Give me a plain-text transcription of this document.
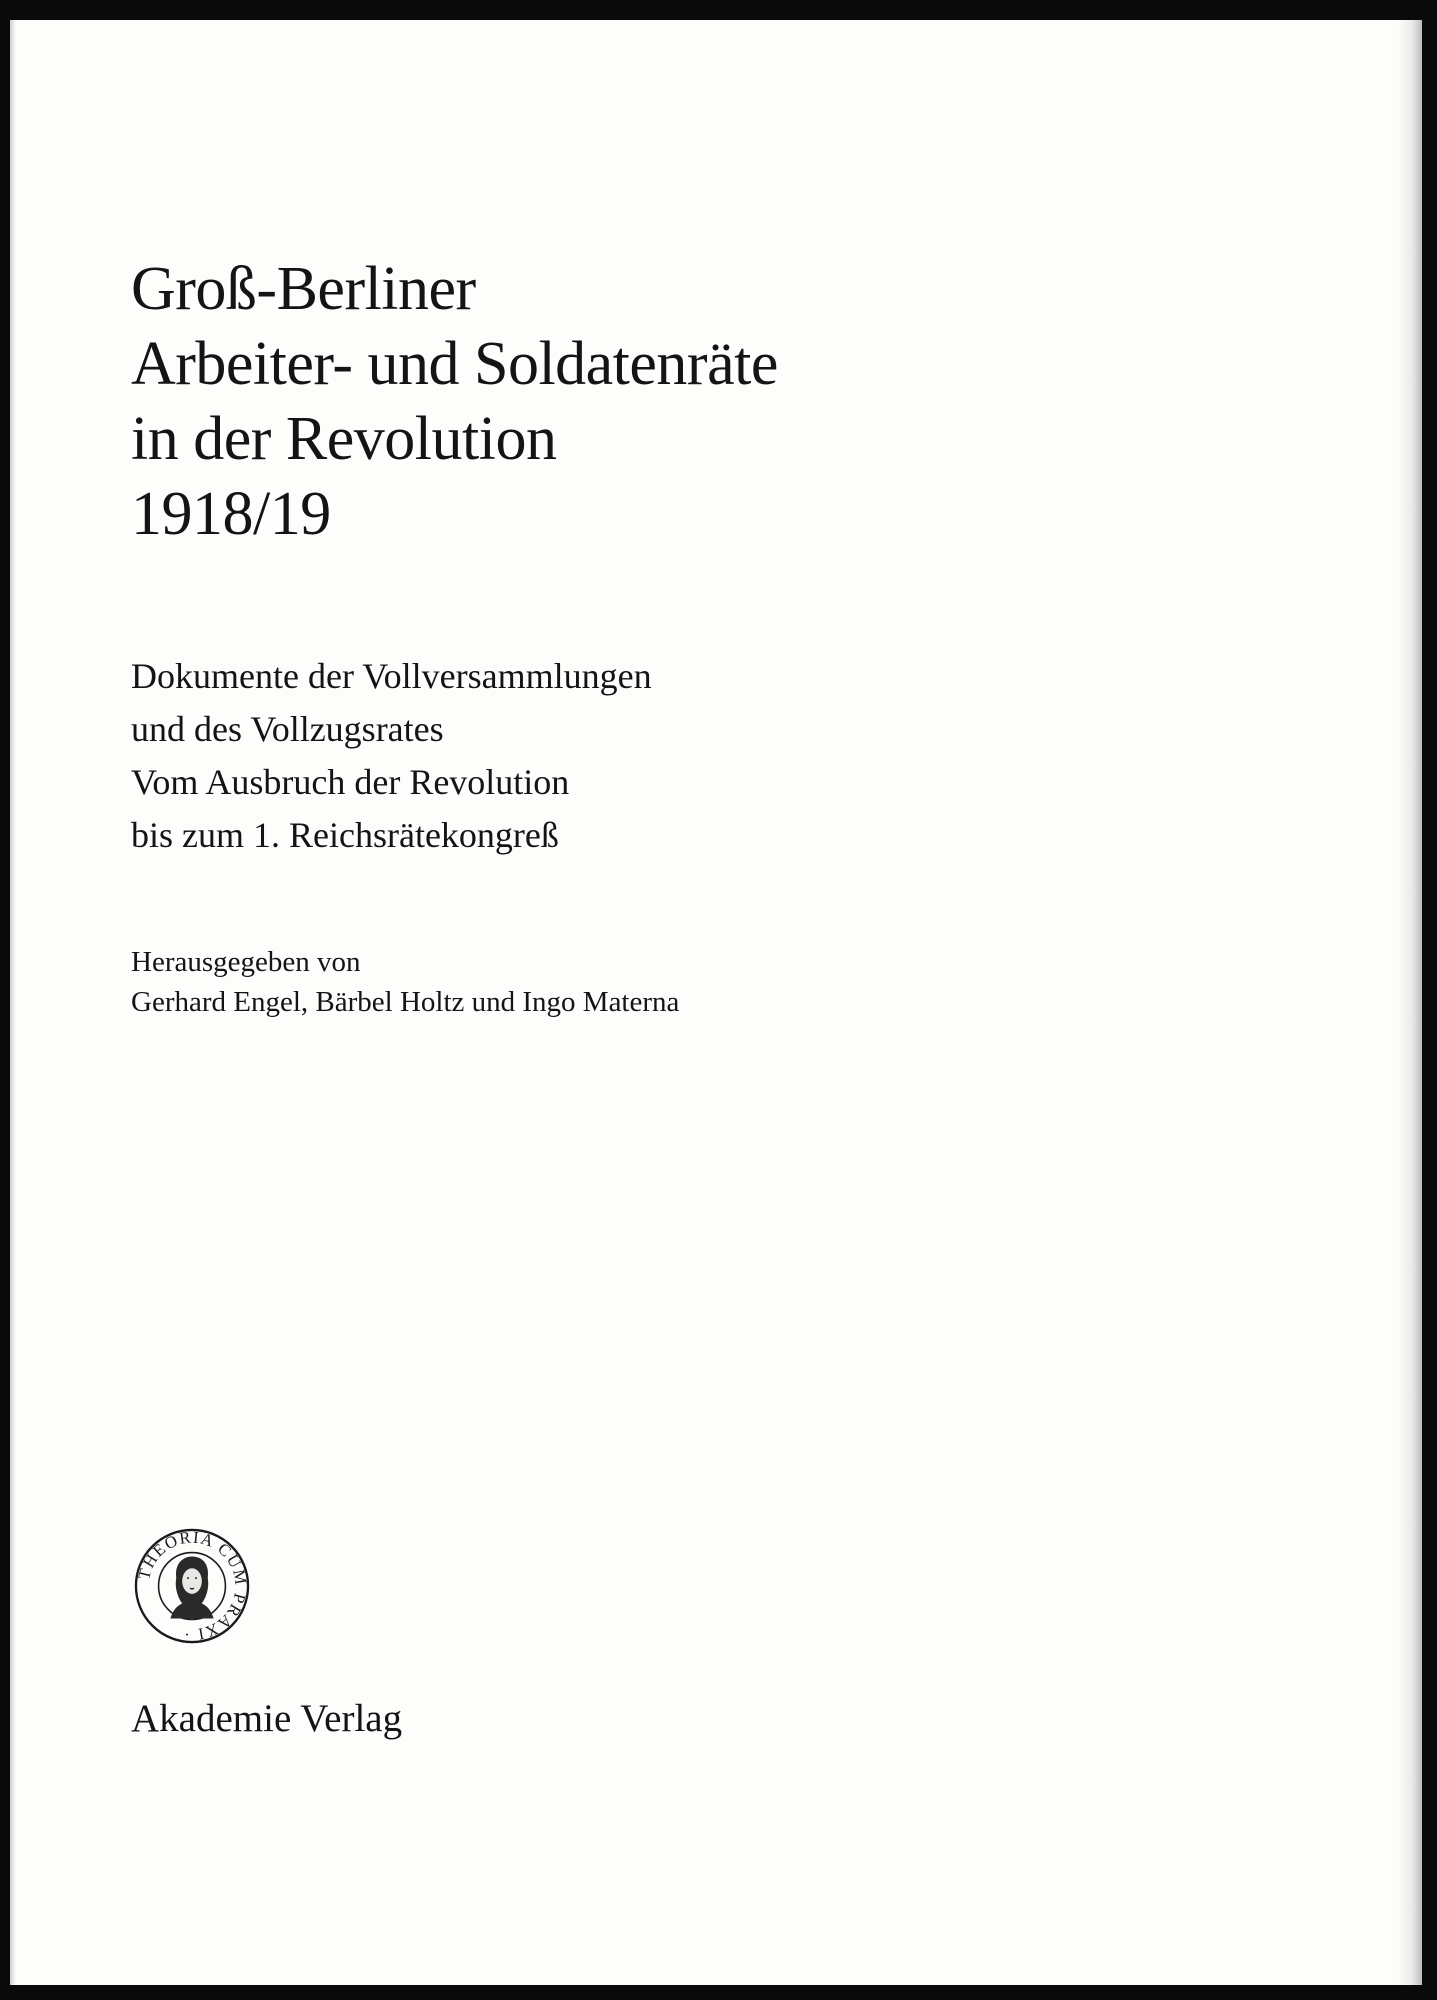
Groß-Berliner
Arbeiter- und Soldatenräte
in der Revolution
1918/19
Dokumente der Vollversammlungen
und des Vollzugsrates
Vom Ausbruch der Revolution
bis zum 1. Reichsrätekongreß
Herausgegeben von
Gerhard Engel, Bärbel Holtz und Ingo Materna
THEORIA CUM PRAXI ·
Akademie Verlag
